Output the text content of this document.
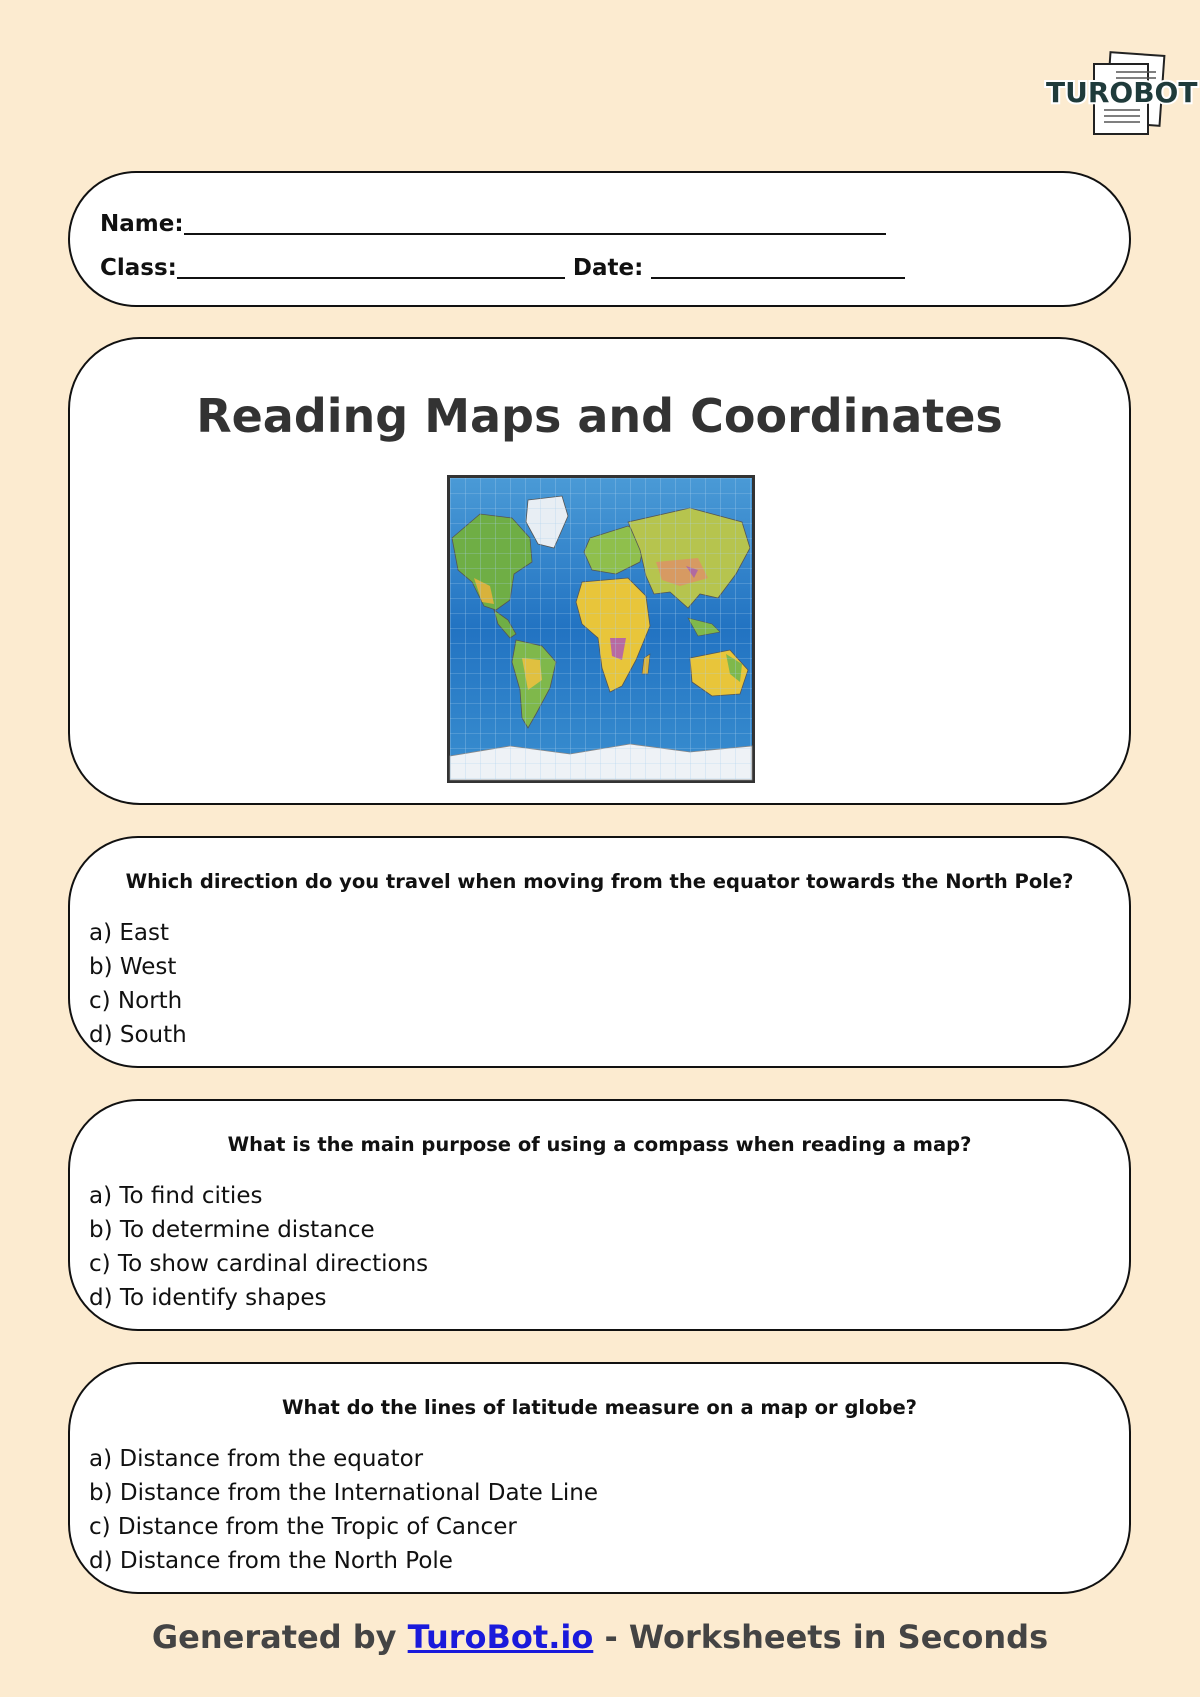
TUROBOT
Name:
Class:	Date:
Reading Maps and Coordinates

Which direction do you travel when moving from the equator towards the North Pole?

a) East
b) West
c) North
d) South

What is the main purpose of using a compass when reading a map?

a) To find cities
b) To determine distance
c) To show cardinal directions
d) To identify shapes

What do the lines of latitude measure on a map or globe?

a) Distance from the equator
b) Distance from the International Date Line
c) Distance from the Tropic of Cancer
d) Distance from the North Pole
Generated by TuroBot.io - Worksheets in Seconds
